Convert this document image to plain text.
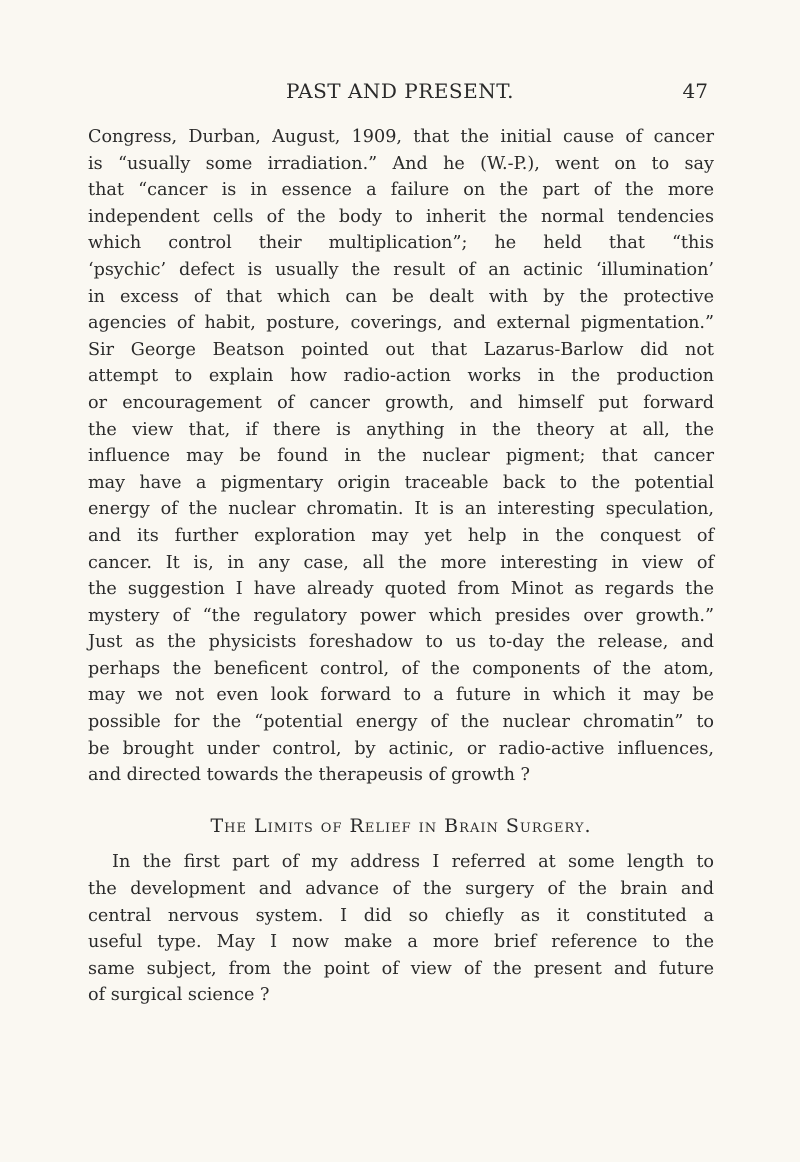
PAST AND PRESENT.	47
Congress, Durban, August, 1909, that the initial cause of cancer
is “usually some irradiation.” And he (W.-P.), went on to say
that “cancer is in essence a failure on the part of the more
independent cells of the body to inherit the normal tendencies
which control their multiplication”; he held that “this
‘psychic’ defect is usually the result of an actinic ‘illumination’
in excess of that which can be dealt with by the protective
agencies of habit, posture, coverings, and external pigmentation.”
Sir George Beatson pointed out that Lazarus-Barlow did not
attempt to explain how radio-action works in the production
or encouragement of cancer growth, and himself put forward
the view that, if there is anything in the theory at all, the
influence may be found in the nuclear pigment; that cancer
may have a pigmentary origin traceable back to the potential
energy of the nuclear chromatin. It is an interesting speculation,
and its further exploration may yet help in the conquest of
cancer. It is, in any case, all the more interesting in view of
the suggestion I have already quoted from Minot as regards the
mystery of “the regulatory power which presides over growth.”
Just as the physicists foreshadow to us to-day the release, and
perhaps the beneficent control, of the components of the atom,
may we not even look forward to a future in which it may be
possible for the “potential energy of the nuclear chromatin” to
be brought under control, by actinic, or radio-active influences,
and directed towards the therapeusis of growth ?
The Limits of Relief in Brain Surgery.
In the first part of my address I referred at some length to
the development and advance of the surgery of the brain and
central nervous system. I did so chiefly as it constituted a
useful type. May I now make a more brief reference to the
same subject, from the point of view of the present and future
of surgical science ?
